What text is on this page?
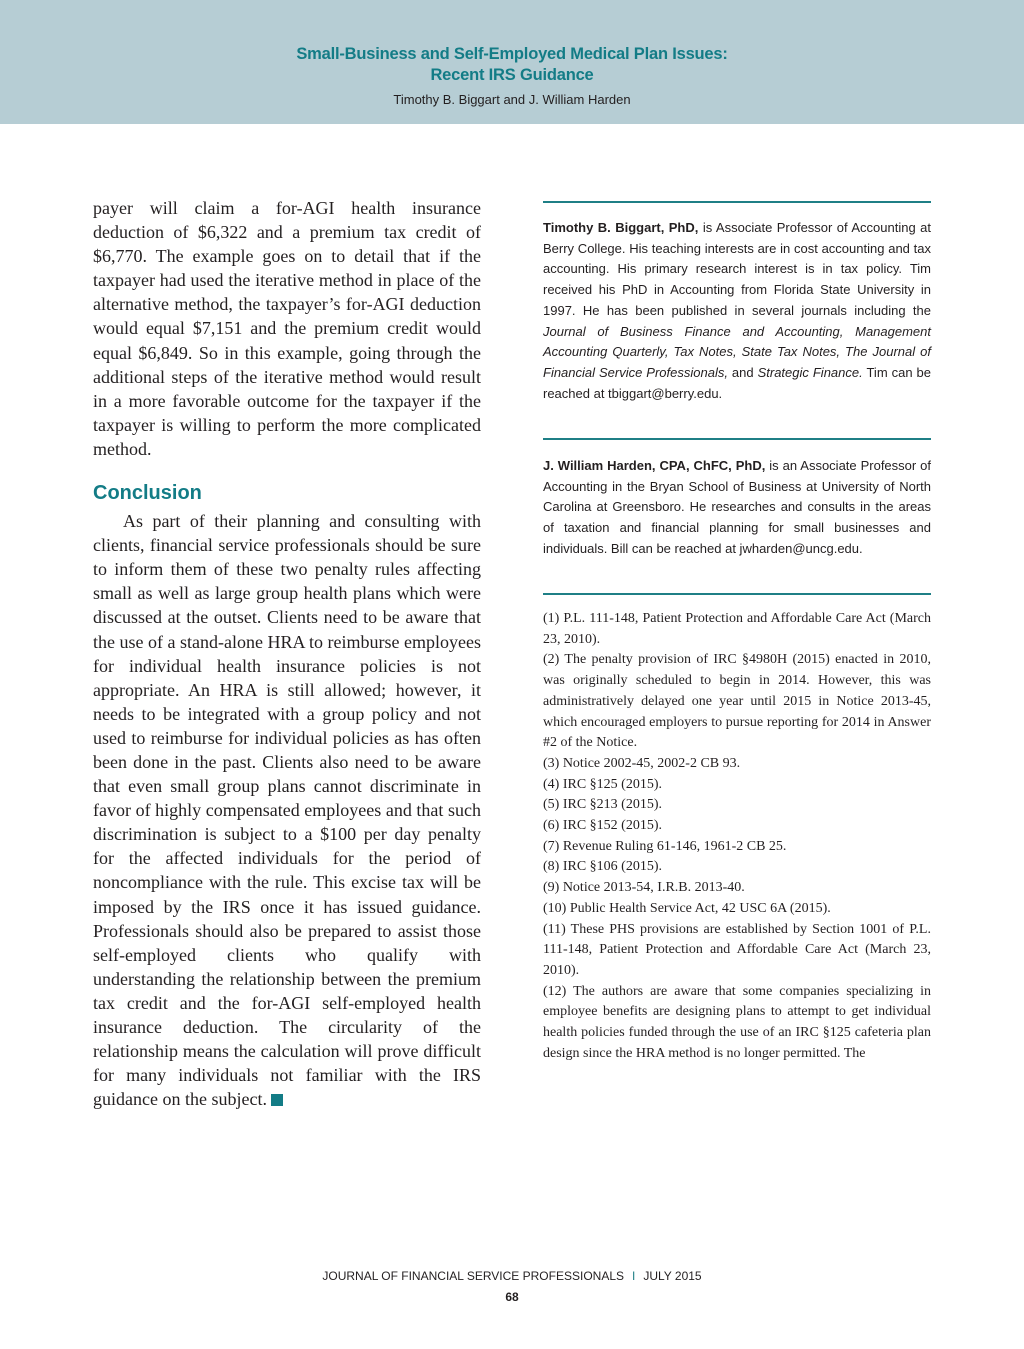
Small-Business and Self-Employed Medical Plan Issues:
Recent IRS Guidance
Timothy B. Biggart and J. William Harden

payer will claim a for-AGI health insurance deduction of $6,322 and a premium tax credit of $6,770. The example goes on to detail that if the taxpayer had used the iterative method in place of the alternative method, the taxpayer’s for-AGI deduction would equal $7,151 and the premium credit would equal $6,849. So in this example, going through the additional steps of the iterative method would result in a more favorable outcome for the taxpayer if the taxpayer is willing to perform the more complicated method.

Conclusion

As part of their planning and consulting with clients, financial service professionals should be sure to inform them of these two penalty rules affecting small as well as large group health plans which were discussed at the outset. Clients need to be aware that the use of a stand-alone HRA to reimburse employees for individual health insurance policies is not appropriate. An HRA is still allowed; however, it needs to be integrated with a group policy and not used to reimburse for individual policies as has often been done in the past. Clients also need to be aware that even small group plans cannot discriminate in favor of highly compensated employees and that such discrimination is subject to a $100 per day penalty for the affected individuals for the period of noncompliance with the rule. This excise tax will be imposed by the IRS once it has issued guidance. Professionals should also be prepared to assist those self-employed clients who qualify with understanding the relationship between the premium tax credit and the for-AGI self-employed health insurance deduction. The circularity of the relationship means the calculation will prove difficult for many individuals not familiar with the IRS guidance on the subject.

Timothy B. Biggart, PhD, is Associate Professor of Accounting at Berry College. His teaching interests are in cost accounting and tax accounting. His primary research interest is in tax policy. Tim received his PhD in Accounting from Florida State University in 1997. He has been published in several journals including the Journal of Business Finance and Accounting, Management Accounting Quarterly, Tax Notes, State Tax Notes, The Journal of Financial Service Professionals, and Strategic Finance. Tim can be reached at tbiggart@berry.edu.
J. William Harden, CPA, ChFC, PhD, is an Associate Professor of Accounting in the Bryan School of Business at University of North Carolina at Greensboro. He researches and consults in the areas of taxation and financial planning for small businesses and individuals. Bill can be reached at jwharden@uncg.edu.

(1) P.L. 111-148, Patient Protection and Affordable Care Act (March 23, 2010).

(2) The penalty provision of IRC §4980H (2015) enacted in 2010, was originally scheduled to begin in 2014. However, this was administratively delayed one year until 2015 in Notice 2013-45, which encouraged employers to pursue reporting for 2014 in Answer #2 of the Notice.

(3) Notice 2002-45, 2002-2 CB 93.

(4) IRC §125 (2015).

(5) IRC §213 (2015).

(6) IRC §152 (2015).

(7) Revenue Ruling 61-146, 1961-2 CB 25.

(8) IRC §106 (2015).

(9) Notice 2013-54, I.R.B. 2013-40.

(10) Public Health Service Act, 42 USC 6A (2015).

(11) These PHS provisions are established by Section 1001 of P.L. 111-148, Patient Protection and Affordable Care Act (March 23, 2010).

(12) The authors are aware that some companies specializing in employee benefits are designing plans to attempt to get individual health policies funded through the use of an IRC §125 cafeteria plan design since the HRA method is no longer permitted. The

JOURNAL OF FINANCIAL SERVICE PROFESSIONALS I JULY 2015
68
